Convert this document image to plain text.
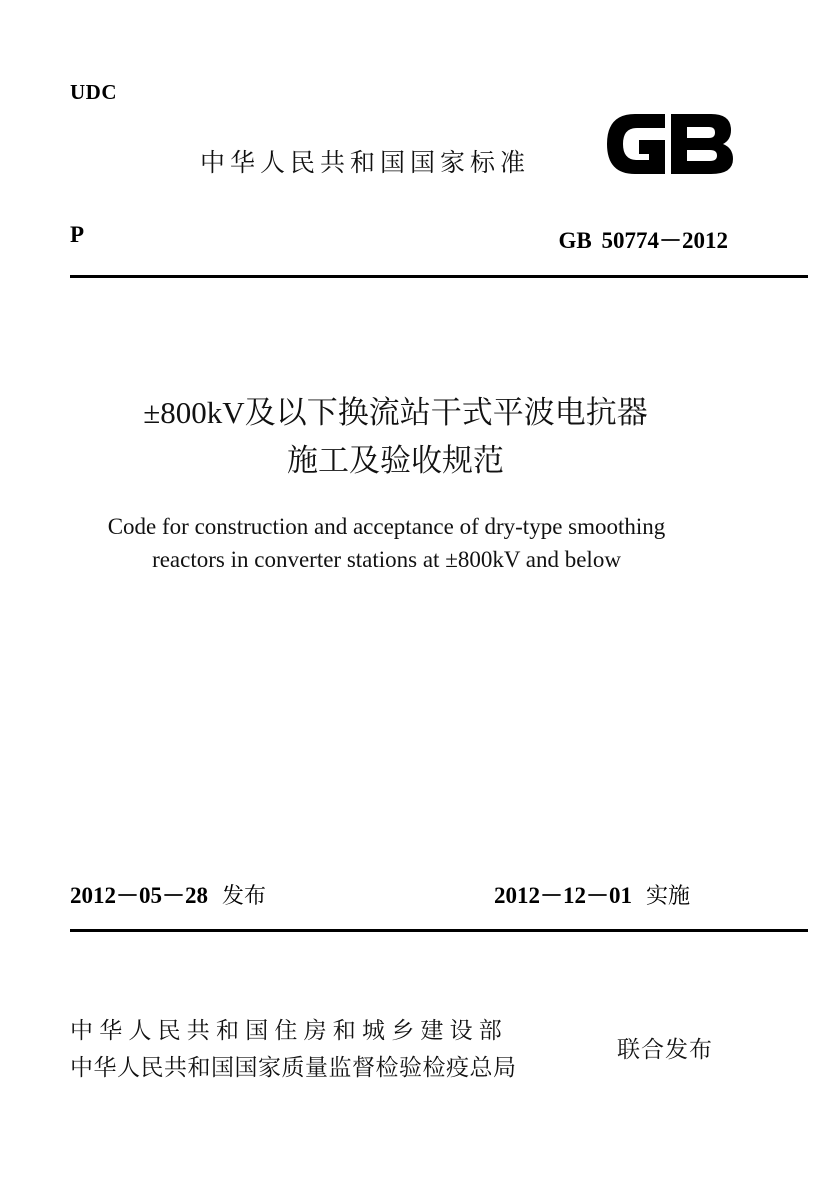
UDC
中华人民共和国国家标准
P	GB 50774－2012
±800kV及以下换流站干式平波电抗器
施工及验收规范
Code for construction and acceptance of dry-type smoothing
reactors in converter stations at ±800kV and below
2012－05－28 发布	2012－12－01 实施
中华人民共和国住房和城乡建设部
中华人民共和国国家质量监督检验检疫总局
联合发布
